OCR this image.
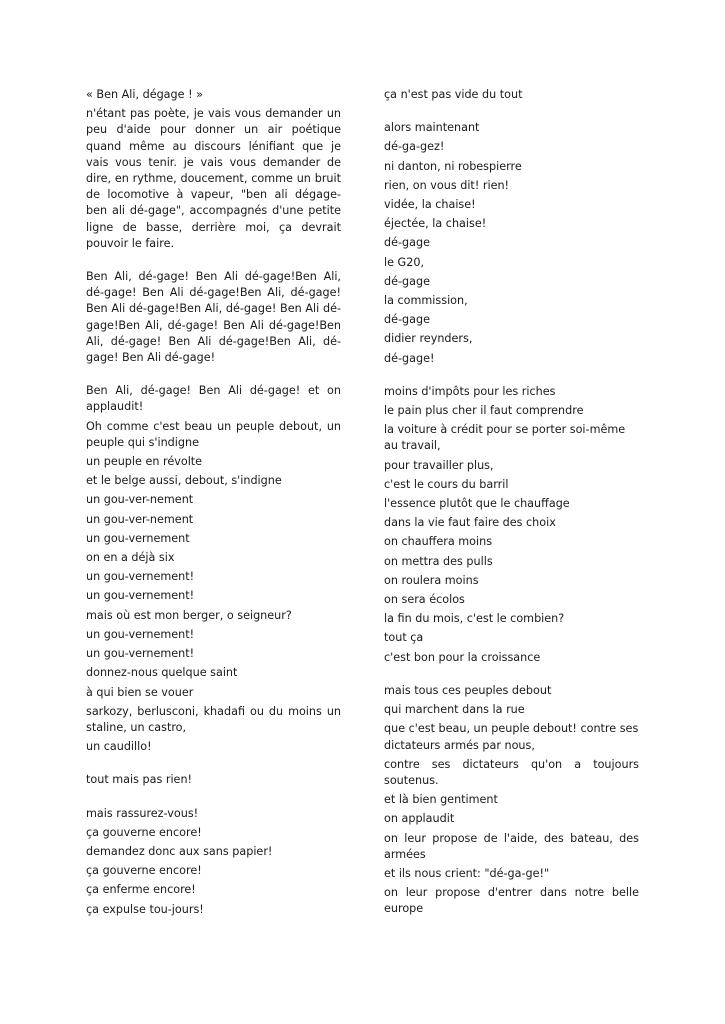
« Ben Ali, dégage ! »

n'étant pas poète, je vais vous demander un peu d'aide pour donner un air poétique quand même au discours lénifiant que je vais vous tenir. je vais vous demander de dire, en rythme, doucement, comme un bruit de locomotive à vapeur, "ben ali dégage- ben ali dé-gage", accompagnés d'une petite ligne de basse, derrière moi, ça devrait pouvoir le faire.

Ben Ali, dé-gage! Ben Ali dé-gage!Ben Ali, dé-gage! Ben Ali dé-gage!Ben Ali, dé-gage! Ben Ali dé-gage!Ben Ali, dé-gage! Ben Ali dé-gage!Ben Ali, dé-gage! Ben Ali dé-gage!Ben Ali, dé-gage! Ben Ali dé-gage!Ben Ali, dé-gage! Ben Ali dé-gage!

Ben Ali, dé-gage! Ben Ali dé-gage! et on applaudit!

Oh comme c'est beau un peuple debout, un peuple qui s'indigne

un peuple en révolte

et le belge aussi, debout, s'indigne

un gou-ver-nement

un gou-ver-nement

un gou-vernement

on en a déjà six

un gou-vernement!

un gou-vernement!

mais où est mon berger, o seigneur?

un gou-vernement!

un gou-vernement!

donnez-nous quelque saint

à qui bien se vouer

sarkozy, berlusconi, khadafi ou du moins un staline, un castro,

un caudillo!

tout mais pas rien!

mais rassurez-vous!

ça gouverne encore!

demandez donc aux sans papier!

ça gouverne encore!

ça enferme encore!

ça expulse tou-jours!

ça n'est pas vide du tout

alors maintenant

dé-ga-gez!

ni danton, ni robespierre

rien, on vous dit! rien!

vidée, la chaise!

éjectée, la chaise!

dé-gage

le G20,

dé-gage

la commission,

dé-gage

didier reynders,

dé-gage!

moins d'impôts pour les riches

le pain plus cher il faut comprendre

la voiture à crédit pour se porter soi-même au travail,

pour travailler plus,

c'est le cours du barril

l'essence plutôt que le chauffage

dans la vie faut faire des choix

on chauffera moins

on mettra des pulls

on roulera moins

on sera écolos

la fin du mois, c'est le combien?

tout ça

c'est bon pour la croissance

mais tous ces peuples debout

qui marchent dans la rue

que c'est beau, un peuple debout! contre ses dictateurs armés par nous,

contre ses dictateurs qu'on a toujours soutenus.

et là bien gentiment

on applaudit

on leur propose de l'aide, des bateau, des armées

et ils nous crient: "dé-ga-ge!"

on leur propose d'entrer dans notre belle europe
